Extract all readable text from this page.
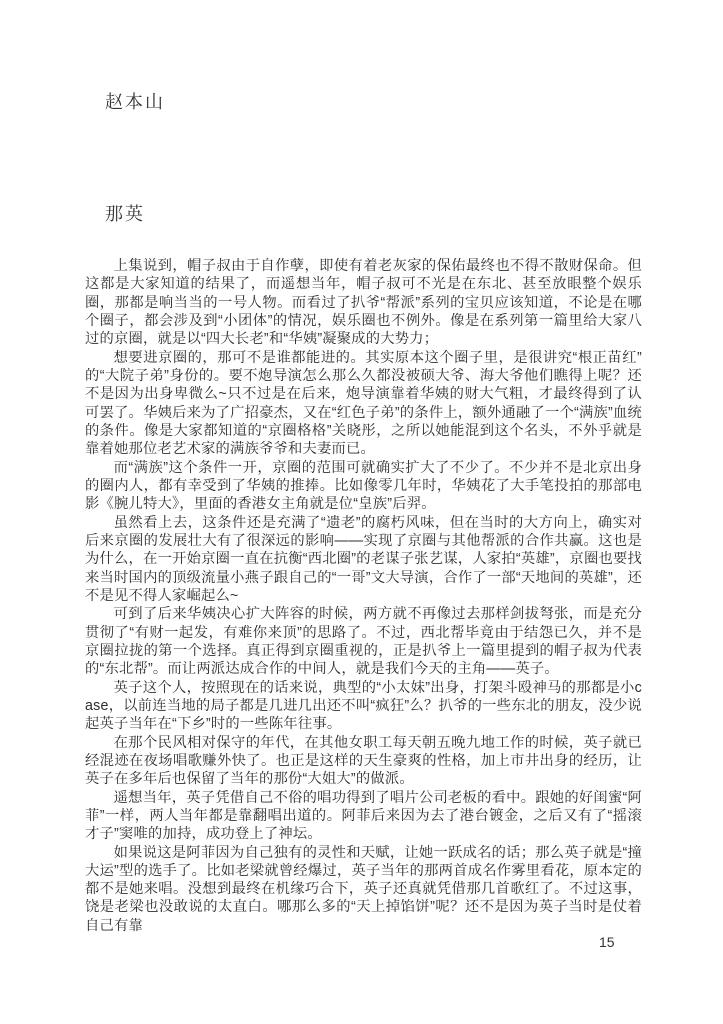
赵本山
那英

上集说到，帽子叔由于自作孽，即使有着老灰家的保佑最终也不得不散财保命。但这都是大家知道的结果了，而遥想当年，帽子叔可不光是在东北、甚至放眼整个娱乐圈，那都是响当当的一号人物。而看过了扒爷“帮派”系列的宝贝应该知道，不论是在哪个圈子，都会涉及到“小团体”的情况，娱乐圈也不例外。像是在系列第一篇里给大家八过的京圈，就是以“四大长老”和“华姨”凝聚成的大势力；

想要进京圈的，那可不是谁都能进的。其实原本这个圈子里，是很讲究“根正苗红”的“大院子弟”身份的。要不炮导演怎么那么久都没被硕大爷、海大爷他们瞧得上呢？还不是因为出身卑微么~只不过是在后来，炮导演靠着华姨的财大气粗，才最终得到了认可罢了。华姨后来为了广招豪杰，又在“红色子弟”的条件上，额外通融了一个“满族”血统的条件。像是大家都知道的“京圈格格”关晓彤，之所以她能混到这个名头，不外乎就是靠着她那位老艺术家的满族爷爷和夫妻而已。

而“满族”这个条件一开，京圈的范围可就确实扩大了不少了。不少并不是北京出身的圈内人，都有幸受到了华姨的推捧。比如像零几年时，华姨花了大手笔投拍的那部电影《腕儿特大》，里面的香港女主角就是位“皇族”后羿。

虽然看上去，这条件还是充满了“遗老”的腐朽风味，但在当时的大方向上，确实对后来京圈的发展壮大有了很深远的影响——实现了京圈与其他帮派的合作共赢。这也是为什么，在一开始京圈一直在抗衡“西北圈”的老谋子张艺谋，人家拍“英雄”，京圈也要找来当时国内的顶级流量小燕子跟自己的“一哥”文大导演，合作了一部“天地间的英雄”，还不是见不得人家崛起么~

可到了后来华姨决心扩大阵容的时候，两方就不再像过去那样剑拔弩张，而是充分贯彻了“有财一起发，有难你来顶”的思路了。不过，西北帮毕竟由于结怨已久，并不是京圈拉拢的第一个选择。真正得到京圈重视的，正是扒爷上一篇里提到的帽子叔为代表的“东北帮”。而让两派达成合作的中间人，就是我们今天的主角——英子。

英子这个人，按照现在的话来说，典型的“小太妹”出身，打架斗殴神马的那都是小case，以前连当地的局子都是几进几出还不叫“疯狂”么？扒爷的一些东北的朋友，没少说起英子当年在“下乡”时的一些陈年往事。

在那个民风相对保守的年代，在其他女职工每天朝五晚九地工作的时候，英子就已经混迹在夜场唱歌赚外快了。也正是这样的天生豪爽的性格，加上市井出身的经历，让英子在多年后也保留了当年的那份“大姐大”的做派。

遥想当年，英子凭借自己不俗的唱功得到了唱片公司老板的看中。跟她的好闺蜜“阿菲”一样，两人当年都是靠翻唱出道的。阿菲后来因为去了港台镀金，之后又有了“摇滚才子”窦唯的加持，成功登上了神坛。

如果说这是阿菲因为自己独有的灵性和天赋，让她一跃成名的话；那么英子就是“撞大运”型的选手了。比如老梁就曾经爆过，英子当年的那两首成名作雾里看花，原本定的都不是她来唱。没想到最终在机缘巧合下，英子还真就凭借那几首歌红了。不过这事，饶是老梁也没敢说的太直白。哪那么多的“天上掉馅饼”呢？还不是因为英子当时是仗着自己有靠

15
